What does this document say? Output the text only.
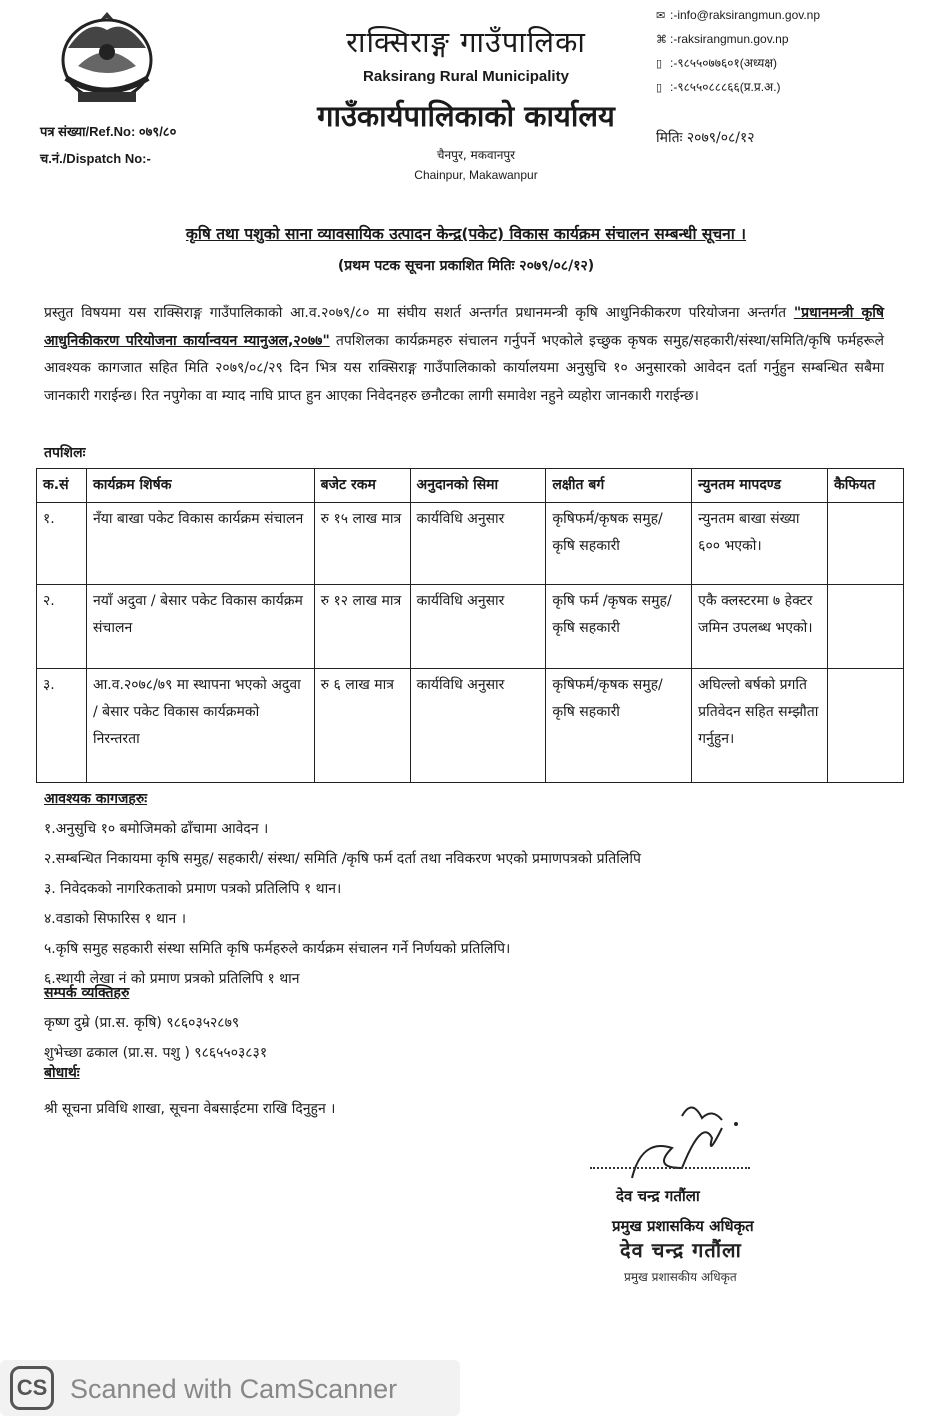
राक्सिराङ्ग गाउँपालिका
Raksirang Rural Municipality
गाउँकार्यपालिकाको कार्यालय
चैनपुर, मकवानपुर
Chainpur, Makawanpur
✉ :-info@raksirangmun.gov.np
⌘ :-raksirangmun.gov.np
▯ :-९८५५०७७६०१(अध्यक्ष)
▯ :-९८५५०८८८६६(प्र.प्र.अ.)
पत्र संख्या/Ref.No: ०७९/८०
च.नं./Dispatch No:-
मितिः २०७९/०८/१२
कृषि तथा पशुको साना व्यावसायिक उत्पादन केन्द्र(पकेट) विकास कार्यक्रम संचालन सम्बन्धी सूचना ।
(प्रथम पटक सूचना प्रकाशित मितिः २०७९/०८/१२)
प्रस्तुत विषयमा यस राक्सिराङ्ग गाउँपालिकाको आ.व.२०७९/८० मा संघीय सशर्त अन्तर्गत प्रधानमन्त्री कृषि आधुनिकीकरण परियोजना अन्तर्गत "प्रधानमन्त्री कृषि आधुनिकीकरण परियोजना कार्यान्वयन म्यानुअल,२०७७" तपशिलका कार्यक्रमहरु संचालन गर्नुपर्ने भएकोले इच्छुक कृषक समुह/सहकारी/संस्था/समिति/कृषि फर्महरूले आवश्यक कागजात सहित मिति २०७९/०८/२९ दिन भित्र यस राक्सिराङ्ग गाउँपालिकाको कार्यालयमा अनुसुचि १० अनुसारको आवेदन दर्ता गर्नुहुन सम्बन्धित सबैमा जानकारी गराईन्छ। रित नपुगेका वा म्याद नाघि प्राप्त हुन आएका निवेदनहरु छनौटका लागी समावेश नहुने व्यहोरा जानकारी गराईन्छ।
तपशिलः
क.सं	कार्यक्रम शिर्षक	बजेट रकम	अनुदानको सिमा	लक्षीत बर्ग	न्युनतम मापदण्ड	कैफियत
१.	नँया बाखा पकेट विकास कार्यक्रम संचालन	रु १५ लाख मात्र	कार्यविधि अनुसार	कृषिफर्म/कृषक समुह/कृषि सहकारी	न्युनतम बाखा संख्या ६०० भएको।	
२.	नयाँ अदुवा / बेसार पकेट विकास कार्यक्रम संचालन	रु १२ लाख मात्र	कार्यविधि अनुसार	कृषि फर्म /कृषक समुह/ कृषि सहकारी	एकै क्लस्टरमा ७ हेक्टर जमिन उपलब्ध भएको।	
३.	आ.व.२०७८/७९ मा स्थापना भएको अदुवा / बेसार पकेट विकास कार्यक्रमको निरन्तरता	रु ६ लाख मात्र	कार्यविधि अनुसार	कृषिफर्म/कृषक समुह/कृषि सहकारी	अघिल्लो बर्षको प्रगति प्रतिवेदन सहित सम्झौता गर्नुहुन।	
आवश्यक कागजहरुः
१.अनुसुचि १० बमोजिमको ढाँचामा आवेदन ।
२.सम्बन्धित निकायमा कृषि समुह/ सहकारी/ संस्था/ समिति /कृषि फर्म दर्ता तथा नविकरण भएको प्रमाणपत्रको प्रतिलिपि
३. निवेदकको नागरिकताको प्रमाण पत्रको प्रतिलिपि १ थान।
४.वडाको सिफारिस १ थान ।
५.कृषि समुह सहकारी संस्था समिति कृषि फर्महरुले कार्यक्रम संचालन गर्ने निर्णयको प्रतिलिपि।
६.स्थायी लेखा नं को प्रमाण प्रत्रको प्रतिलिपि १ थान
सम्पर्क व्यक्तिहरु
कृष्ण दुम्रे (प्रा.स. कृषि) ९८६०३५२८७९
शुभेच्छा ढकाल (प्रा.स. पशु ) ९८६५५०३८३१
बोधार्थः
श्री सूचना प्रविधि शाखा, सूचना वेबसाईटमा राखि दिनुहुन ।
देव चन्द्र गतौंला
प्रमुख प्रशासकिय अधिकृत
देव चन्द्र गतौंला
प्रमुख प्रशासकीय अधिकृत
CS Scanned with CamScanner
